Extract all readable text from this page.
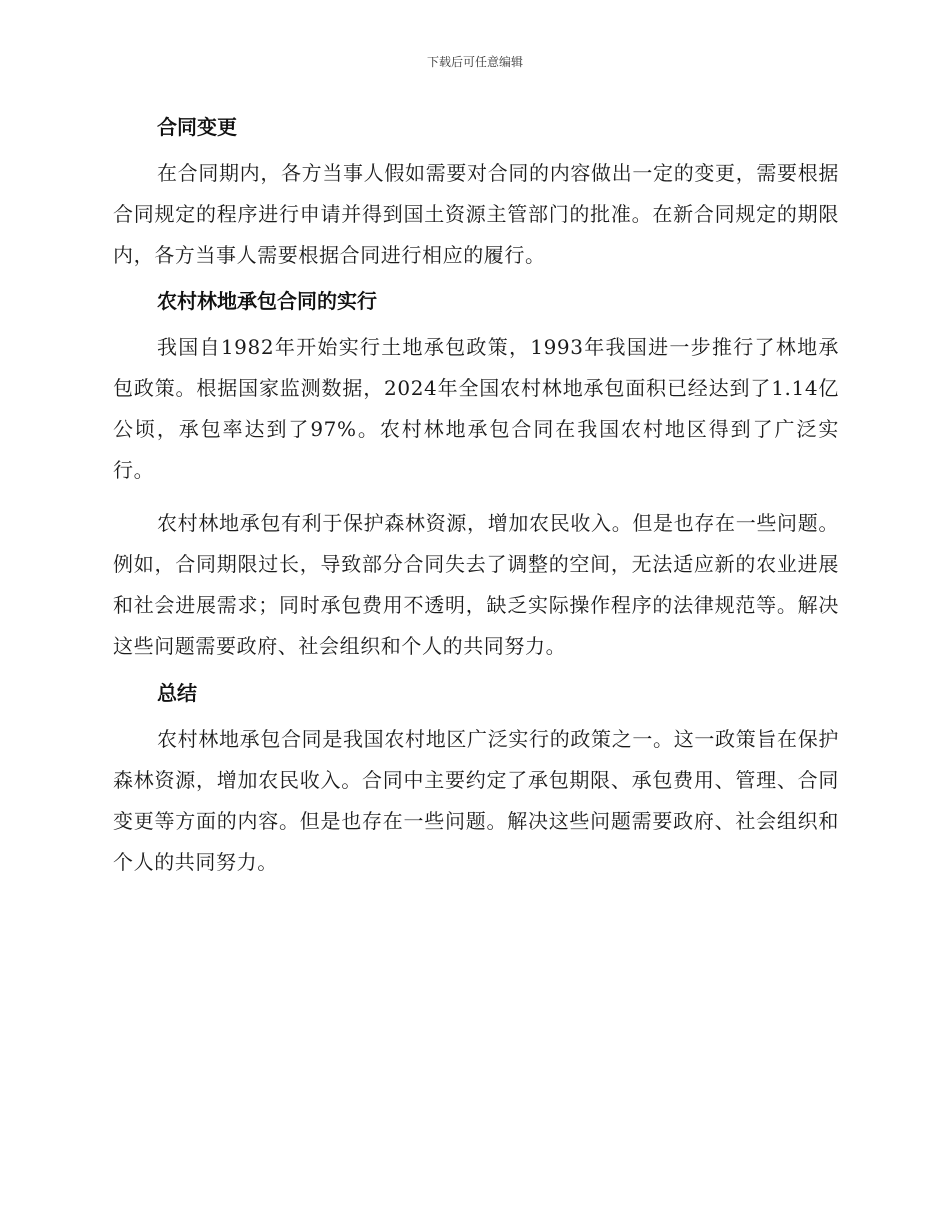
下载后可任意编辑
合同变更

在合同期内，各方当事人假如需要对合同的内容做出一定的变更，需要根据合同规定的程序进行申请并得到国土资源主管部门的批准。在新合同规定的期限内，各方当事人需要根据合同进行相应的履行。

农村林地承包合同的实行

我国自1982年开始实行土地承包政策，1993年我国进一步推行了林地承包政策。根据国家监测数据，2024年全国农村林地承包面积已经达到了1.14亿公顷，承包率达到了97%。农村林地承包合同在我国农村地区得到了广泛实行。

农村林地承包有利于保护森林资源，增加农民收入。但是也存在一些问题。例如，合同期限过长，导致部分合同失去了调整的空间，无法适应新的农业进展和社会进展需求；同时承包费用不透明，缺乏实际操作程序的法律规范等。解决这些问题需要政府、社会组织和个人的共同努力。

总结

农村林地承包合同是我国农村地区广泛实行的政策之一。这一政策旨在保护森林资源，增加农民收入。合同中主要约定了承包期限、承包费用、管理、合同变更等方面的内容。但是也存在一些问题。解决这些问题需要政府、社会组织和个人的共同努力。
